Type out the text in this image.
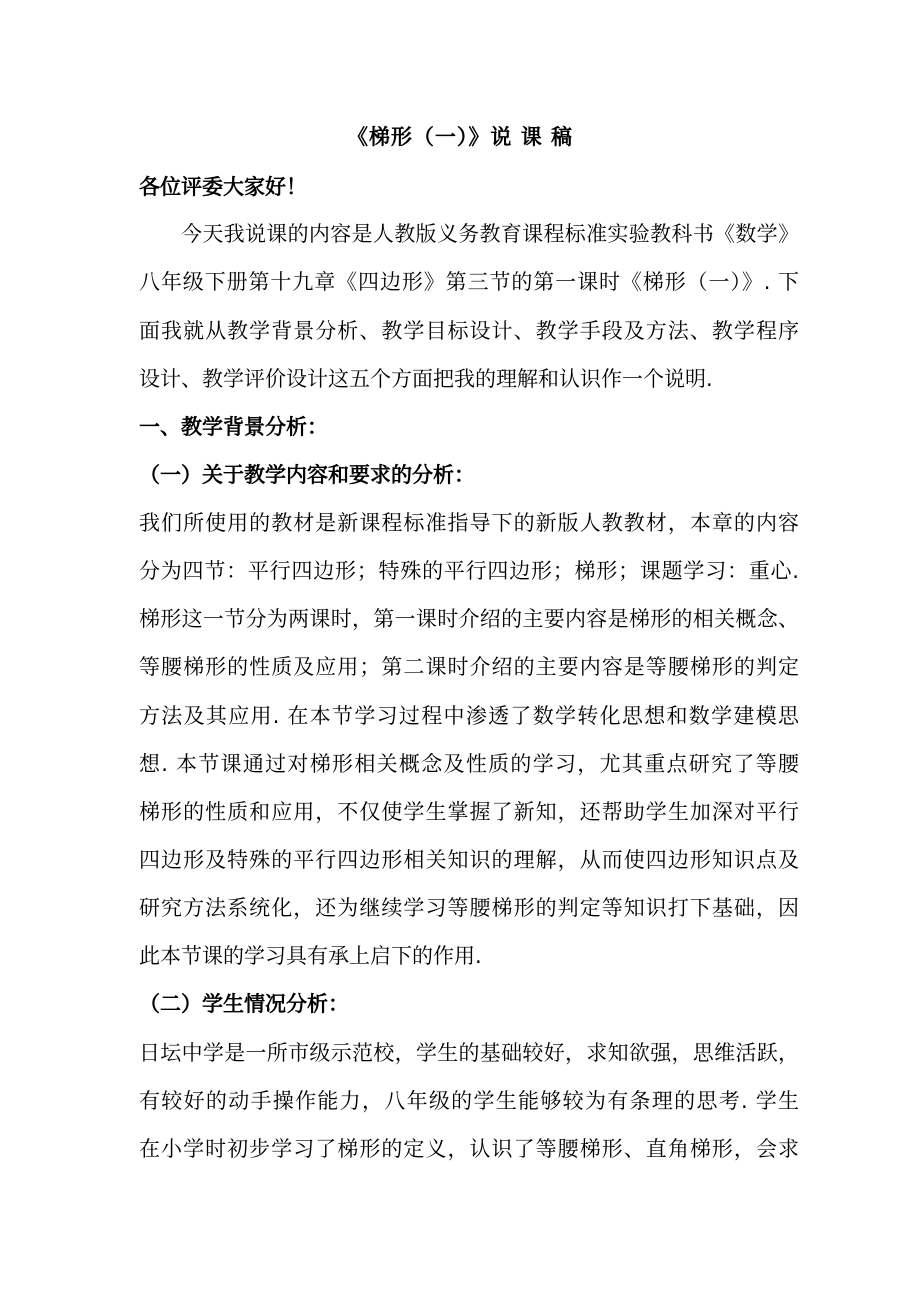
《梯形（一）》说 课 稿
各位评委大家好！
今天我说课的内容是人教版义务教育课程标准实验教科书《数学》
八年级下册第十九章《四边形》第三节的第一课时《梯形（一）》. 下
面我就从教学背景分析、教学目标设计、教学手段及方法、教学程序
设计、教学评价设计这五个方面把我的理解和认识作一个说明.
一、教学背景分析：
（一）关于教学内容和要求的分析：
我们所使用的教材是新课程标准指导下的新版人教教材，本章的内容
分为四节：平行四边形；特殊的平行四边形；梯形；课题学习：重心.
梯形这一节分为两课时，第一课时介绍的主要内容是梯形的相关概念、
等腰梯形的性质及应用；第二课时介绍的主要内容是等腰梯形的判定
方法及其应用. 在本节学习过程中渗透了数学转化思想和数学建模思
想. 本节课通过对梯形相关概念及性质的学习，尤其重点研究了等腰
梯形的性质和应用，不仅使学生掌握了新知，还帮助学生加深对平行
四边形及特殊的平行四边形相关知识的理解，从而使四边形知识点及
研究方法系统化，还为继续学习等腰梯形的判定等知识打下基础，因
此本节课的学习具有承上启下的作用.
（二）学生情况分析：
日坛中学是一所市级示范校，学生的基础较好，求知欲强，思维活跃，
有较好的动手操作能力，八年级的学生能够较为有条理的思考. 学生
在小学时初步学习了梯形的定义，认识了等腰梯形、直角梯形，会求
